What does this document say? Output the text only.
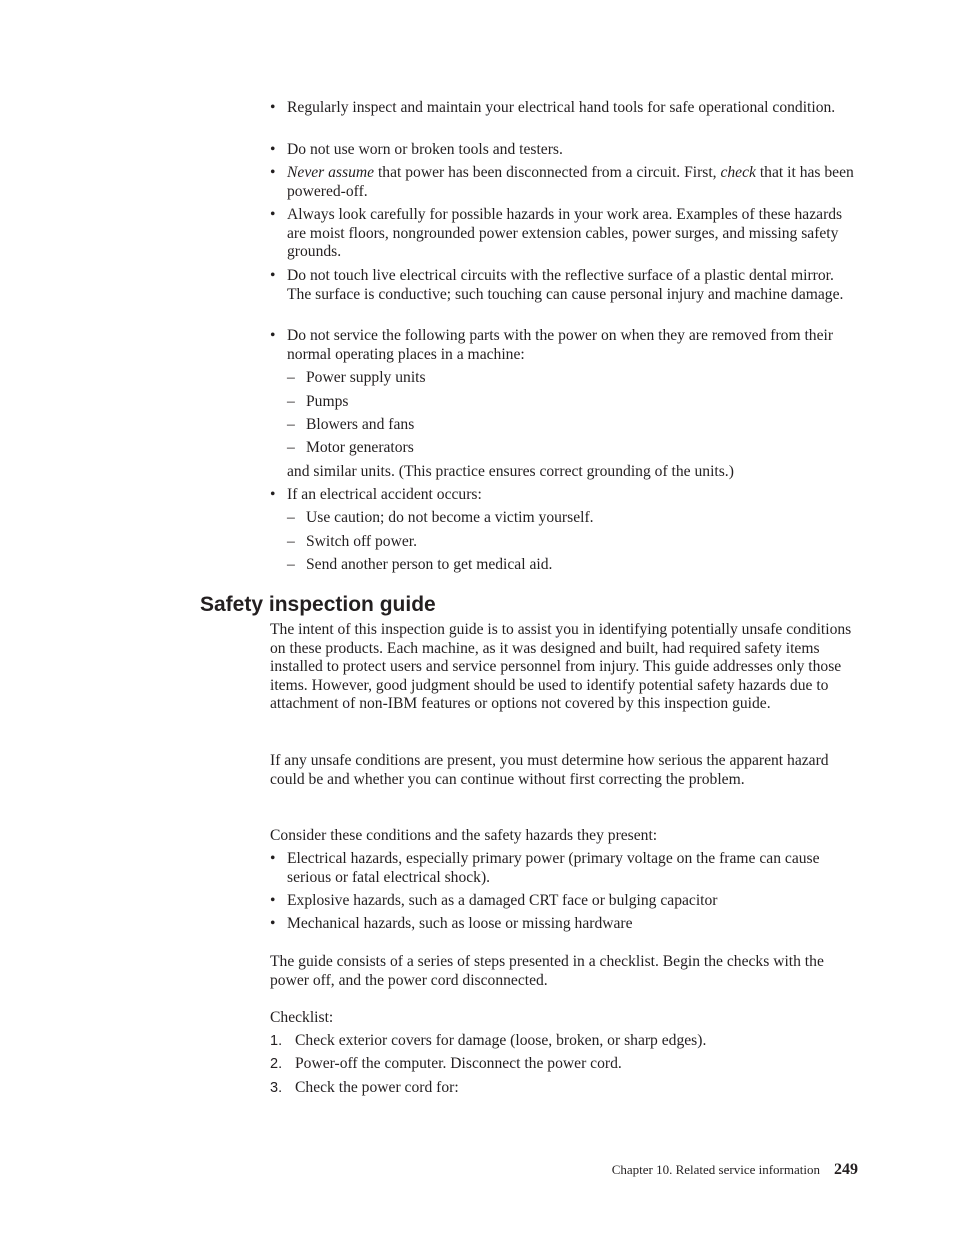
• Regularly inspect and maintain your electrical hand tools for safe operational condition.
• Do not use worn or broken tools and testers.
• Never assume that power has been disconnected from a circuit. First, check that it has been powered-off.
• Always look carefully for possible hazards in your work area. Examples of these hazards are moist floors, nongrounded power extension cables, power surges, and missing safety grounds.
• Do not touch live electrical circuits with the reflective surface of a plastic dental mirror. The surface is conductive; such touching can cause personal injury and machine damage.
• Do not service the following parts with the power on when they are removed from their normal operating places in a machine:
– Power supply units
– Pumps
– Blowers and fans
– Motor generators
and similar units. (This practice ensures correct grounding of the units.)
• If an electrical accident occurs:
– Use caution; do not become a victim yourself.
– Switch off power.
– Send another person to get medical aid.
Safety inspection guide
The intent of this inspection guide is to assist you in identifying potentially unsafe conditions on these products. Each machine, as it was designed and built, had required safety items installed to protect users and service personnel from injury. This guide addresses only those items. However, good judgment should be used to identify potential safety hazards due to attachment of non-IBM features or options not covered by this inspection guide.
If any unsafe conditions are present, you must determine how serious the apparent hazard could be and whether you can continue without first correcting the problem.
Consider these conditions and the safety hazards they present:
• Electrical hazards, especially primary power (primary voltage on the frame can cause serious or fatal electrical shock).
• Explosive hazards, such as a damaged CRT face or bulging capacitor
• Mechanical hazards, such as loose or missing hardware
The guide consists of a series of steps presented in a checklist. Begin the checks with the power off, and the power cord disconnected.
Checklist:
1. Check exterior covers for damage (loose, broken, or sharp edges).
2. Power-off the computer. Disconnect the power cord.
3. Check the power cord for:
Chapter 10. Related service information 249
